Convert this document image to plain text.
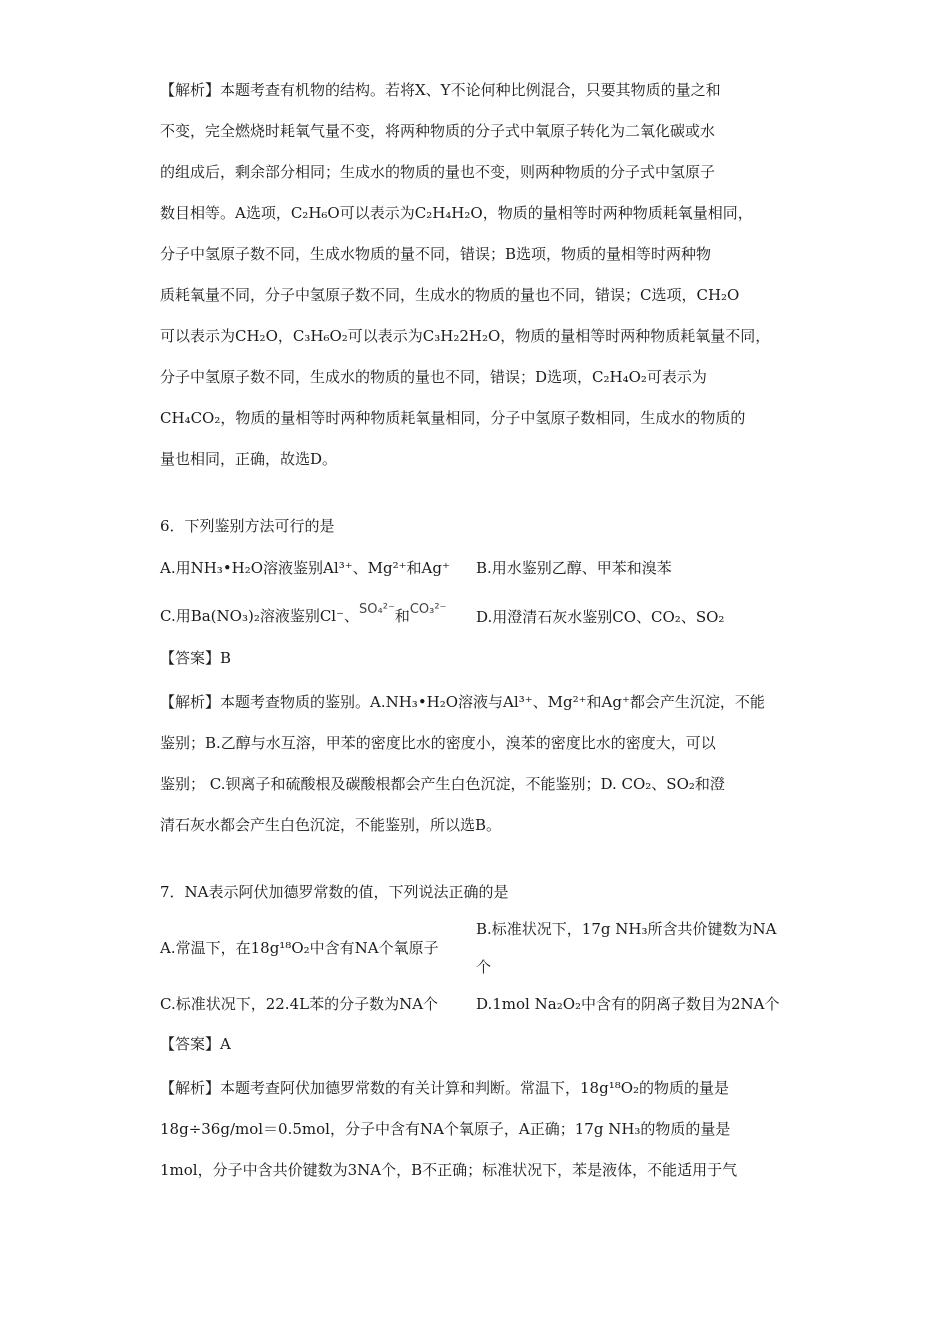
【解析】本题考查有机物的结构。若将X、Y不论何种比例混合，只要其物质的量之和

不变，完全燃烧时耗氧气量不变，将两种物质的分子式中氧原子转化为二氧化碳或水

的组成后，剩余部分相同；生成水的物质的量也不变，则两种物质的分子式中氢原子

数目相等。A选项，C₂H₆O可以表示为C₂H₄H₂O，物质的量相等时两种物质耗氧量相同，

分子中氢原子数不同，生成水物质的量不同，错误；B选项，物质的量相等时两种物

质耗氧量不同，分子中氢原子数不同，生成水的物质的量也不同，错误；C选项，CH₂O

可以表示为CH₂O，C₃H₆O₂可以表示为C₃H₂2H₂O，物质的量相等时两种物质耗氧量不同，

分子中氢原子数不同，生成水的物质的量也不同，错误；D选项，C₂H₄O₂可表示为

CH₄CO₂，物质的量相等时两种物质耗氧量相同，分子中氢原子数相同，生成水的物质的

量也相同，正确，故选D。

6．下列鉴别方法可行的是

A.用NH₃•H₂O溶液鉴别Al³⁺、Mg²⁺和Ag⁺	B.用水鉴别乙醇、甲苯和溴苯
C.用Ba(NO₃)₂溶液鉴别Cl⁻、SO₄²⁻和CO₃²⁻	D.用澄清石灰水鉴别CO、CO₂、SO₂

【答案】B

【解析】本题考查物质的鉴别。A.NH₃•H₂O溶液与Al³⁺、Mg²⁺和Ag⁺都会产生沉淀，不能

鉴别；B.乙醇与水互溶，甲苯的密度比水的密度小，溴苯的密度比水的密度大，可以

鉴别； C.钡离子和硫酸根及碳酸根都会产生白色沉淀，不能鉴别；D. CO₂、SO₂和澄

清石灰水都会产生白色沉淀，不能鉴别，所以选B。

7．NA表示阿伏加德罗常数的值，下列说法正确的是

A.常温下，在18g¹⁸O₂中含有NA个氧原子
B.标准状况下，17g NH₃所含共价键数为NA
个
C.标准状况下，22.4L苯的分子数为NA个	D.1mol Na₂O₂中含有的阴离子数目为2NA个

【答案】A

【解析】本题考查阿伏加德罗常数的有关计算和判断。常温下，18g¹⁸O₂的物质的量是

18g÷36g/mol＝0.5mol，分子中含有NA个氧原子，A正确；17g NH₃的物质的量是

1mol，分子中含共价键数为3NA个，B不正确；标准状况下，苯是液体，不能适用于气
